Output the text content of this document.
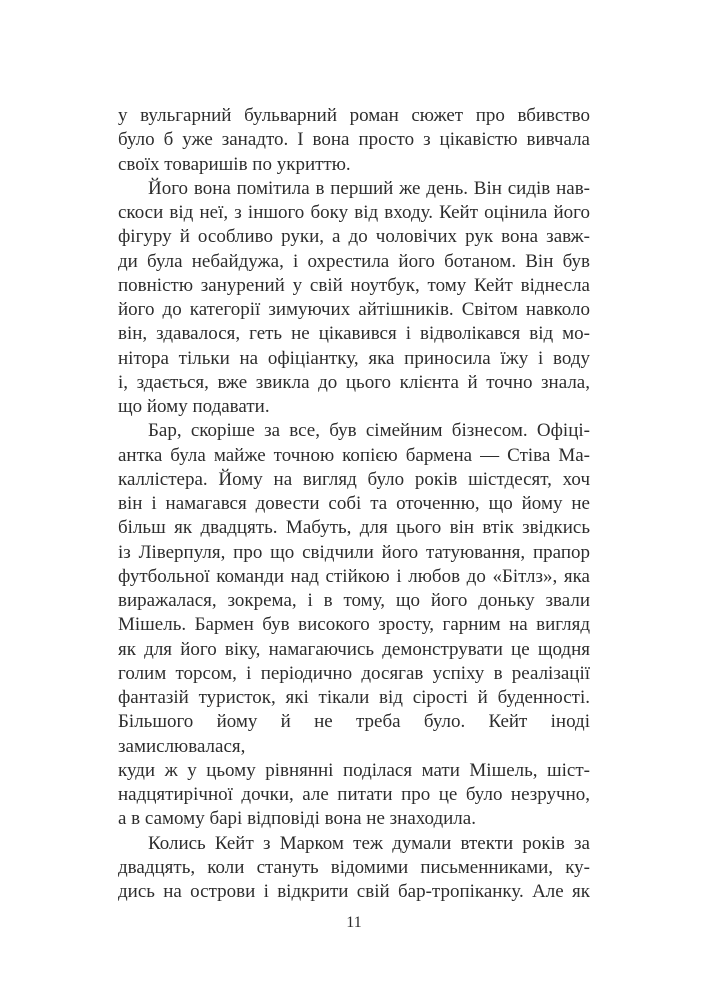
у вульгарний бульварний роман сюжет про вбивство
було б уже занадто. І вона просто з цікавістю вивчала
своїх товаришів по укриттю.
Його вона помітила в перший же день. Він сидів нав-
скоси від неї, з іншого боку від входу. Кейт оцінила його
фігуру й особливо руки, а до чоловічих рук вона завж-
ди була небайдужа, і охрестила його ботаном. Він був
повністю занурений у свій ноутбук, тому Кейт віднесла
його до категорії зимуючих айтішників. Світом навколо
він, здавалося, геть не цікавився і відволікався від мо-
нітора тільки на офіціантку, яка приносила їжу і воду
і, здається, вже звикла до цього клієнта й точно знала,
що йому подавати.
Бар, скоріше за все, був сімейним бізнесом. Офіці-
антка була майже точною копією бармена — Стіва Ма-
каллістера. Йому на вигляд було років шістдесят, хоч
він і намагався довести собі та оточенню, що йому не
більш як двадцять. Мабуть, для цього він втік звідкись
із Ліверпуля, про що свідчили його татуювання, прапор
футбольної команди над стійкою і любов до «Бітлз», яка
виражалася, зокрема, і в тому, що його доньку звали
Мішель. Бармен був високого зросту, гарним на вигляд
як для його віку, намагаючись демонструвати це щодня
голим торсом, і періодично досягав успіху в реалізації
фантазій туристок, які тікали від сірості й буденності.
Більшого йому й не треба було. Кейт іноді замислювалася,
куди ж у цьому рівнянні поділася мати Мішель, шіст-
надцятирічної дочки, але питати про це було незручно,
а в самому барі відповіді вона не знаходила.
Колись Кейт з Марком теж думали втекти років за
двадцять, коли стануть відомими письменниками, ку-
дись на острови і відкрити свій бар-тропіканку. Але як
11
